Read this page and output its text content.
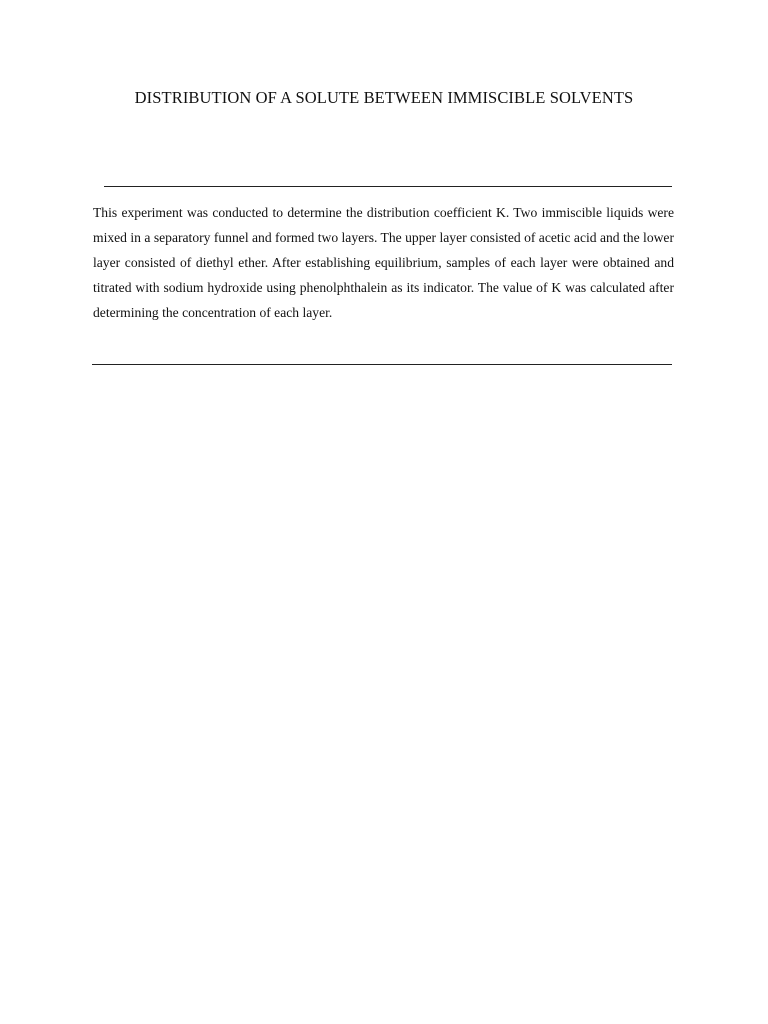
DISTRIBUTION OF A SOLUTE BETWEEN IMMISCIBLE SOLVENTS

This experiment was conducted to determine the distribution coefficient K. Two immiscible liquids were mixed in a separatory funnel and formed two layers. The upper layer consisted of acetic acid and the lower layer consisted of diethyl ether. After establishing equilibrium, samples of each layer were obtained and titrated with sodium hydroxide using phenolphthalein as its indicator. The value of K was calculated after determining the concentration of each layer.
